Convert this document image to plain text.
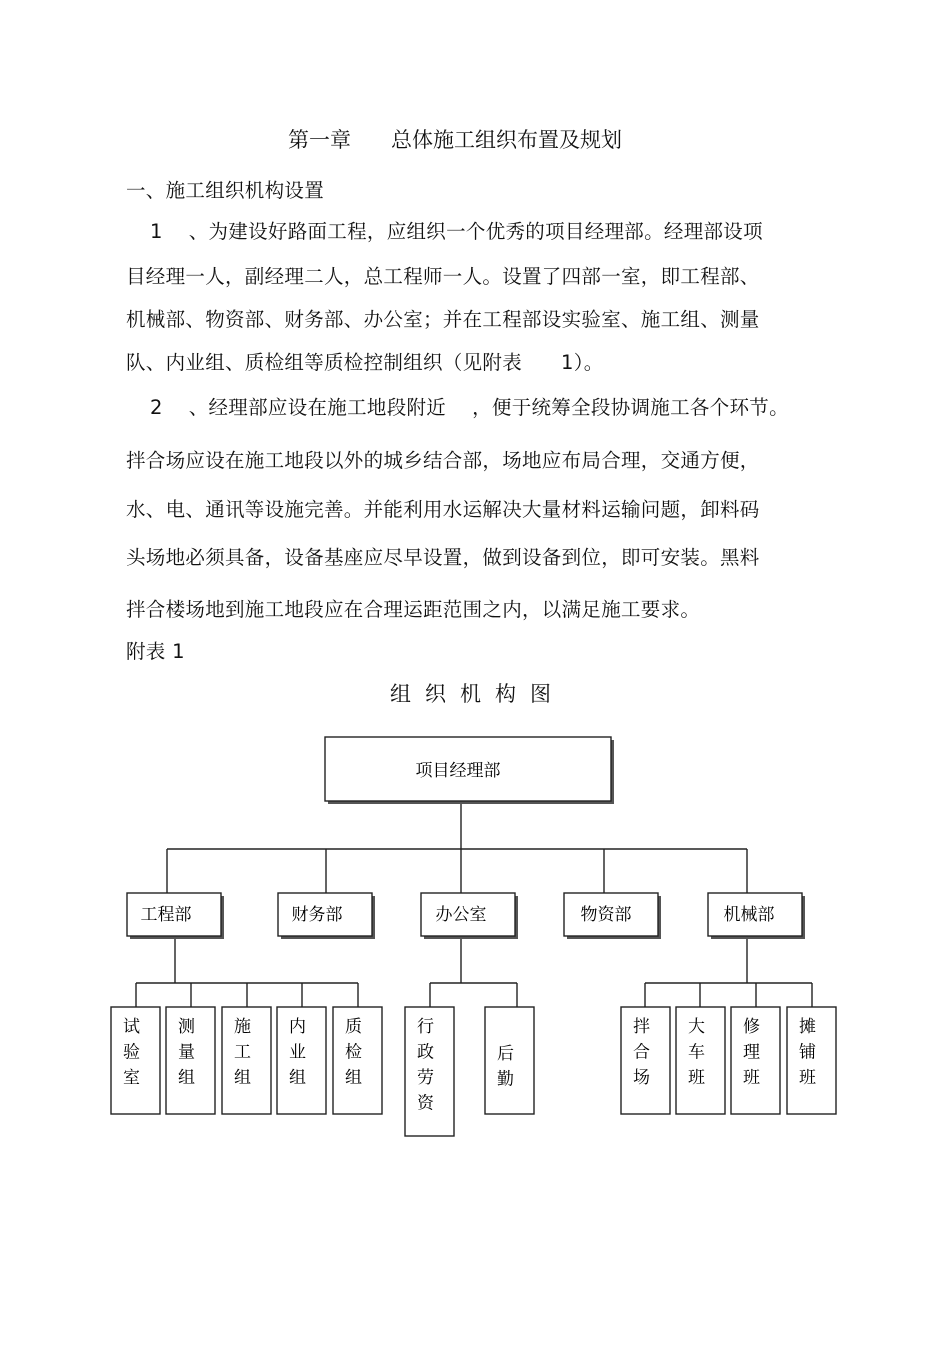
第一章      总体施工组织布置及规划
一、施工组织机构设置
1    、为建设好路面工程，应组织一个优秀的项目经理部。经理部设项
目经理一人，副经理二人，总工程师一人。设置了四部一室，即工程部、
机械部、物资部、财务部、办公室；并在工程部设实验室、施工组、测量
队、内业组、质检组等质检控制组织（见附表      1）。
2    、经理部应设在施工地段附近    ，便于统筹全段协调施工各个环节。
拌合场应设在施工地段以外的城乡结合部，场地应布局合理，交通方便，
水、电、通讯等设施完善。并能利用水运解决大量材料运输问题，卸料码
头场地必须具备，设备基座应尽早设置，做到设备到位，即可安装。黑料
拌合楼场地到施工地段应在合理运距范围之内，以满足施工要求。
附表 1
组织机构图
项目经理部
工程部	财务部	办公室	物资部	机械部
试
验
室
测
量
组
施
工
组
内
业
组
质
检
组
行
政
劳
资
后
勤
拌
合
场
大
车
班
修
理
班
摊
铺
班
